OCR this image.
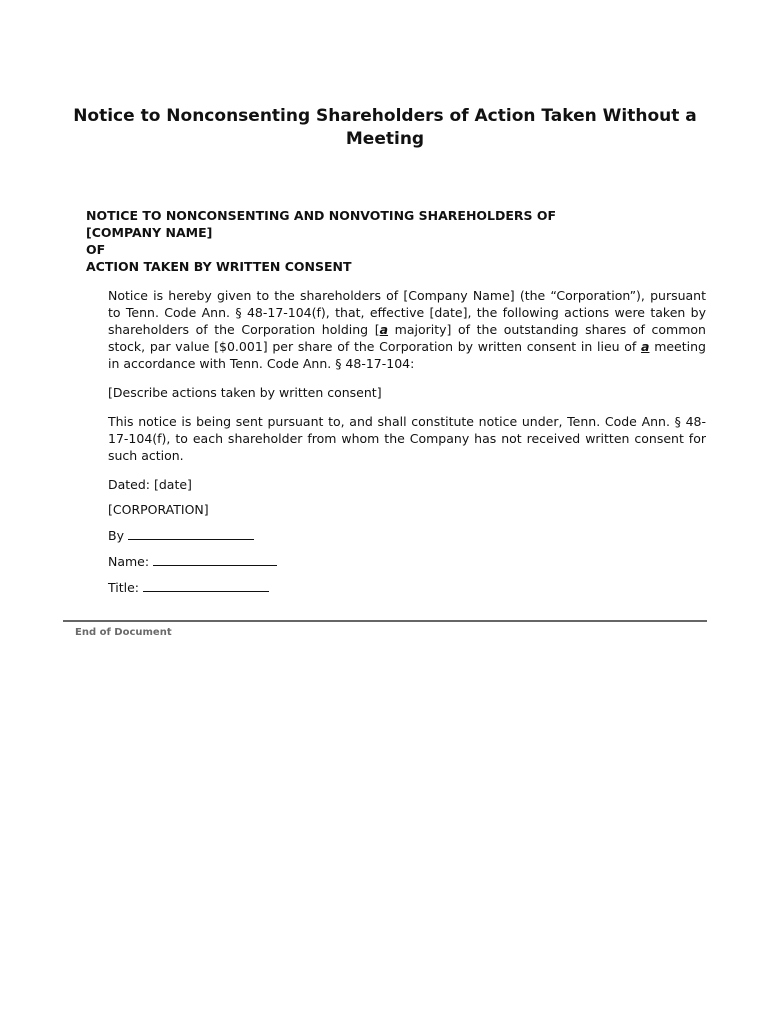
Notice to Nonconsenting Shareholders of Action Taken Without a Meeting
NOTICE TO NONCONSENTING AND NONVOTING SHAREHOLDERS OF
[COMPANY NAME]
OF
ACTION TAKEN BY WRITTEN CONSENT

Notice is hereby given to the shareholders of [Company Name] (the “Corporation”), pursuant to Tenn. Code Ann. § 48-17-104(f), that, effective [date], the following actions were taken by shareholders of the Corporation holding [a majority] of the outstanding shares of common stock, par value [$0.001] per share of the Corporation by written consent in lieu of a meeting in accordance with Tenn. Code Ann. § 48-17-104:

[Describe actions taken by written consent]

This notice is being sent pursuant to, and shall constitute notice under, Tenn. Code Ann. § 48-17-104(f), to each shareholder from whom the Company has not received written consent for such action.

Dated: [date]
[CORPORATION]
By
Name:
Title:
End of Document
